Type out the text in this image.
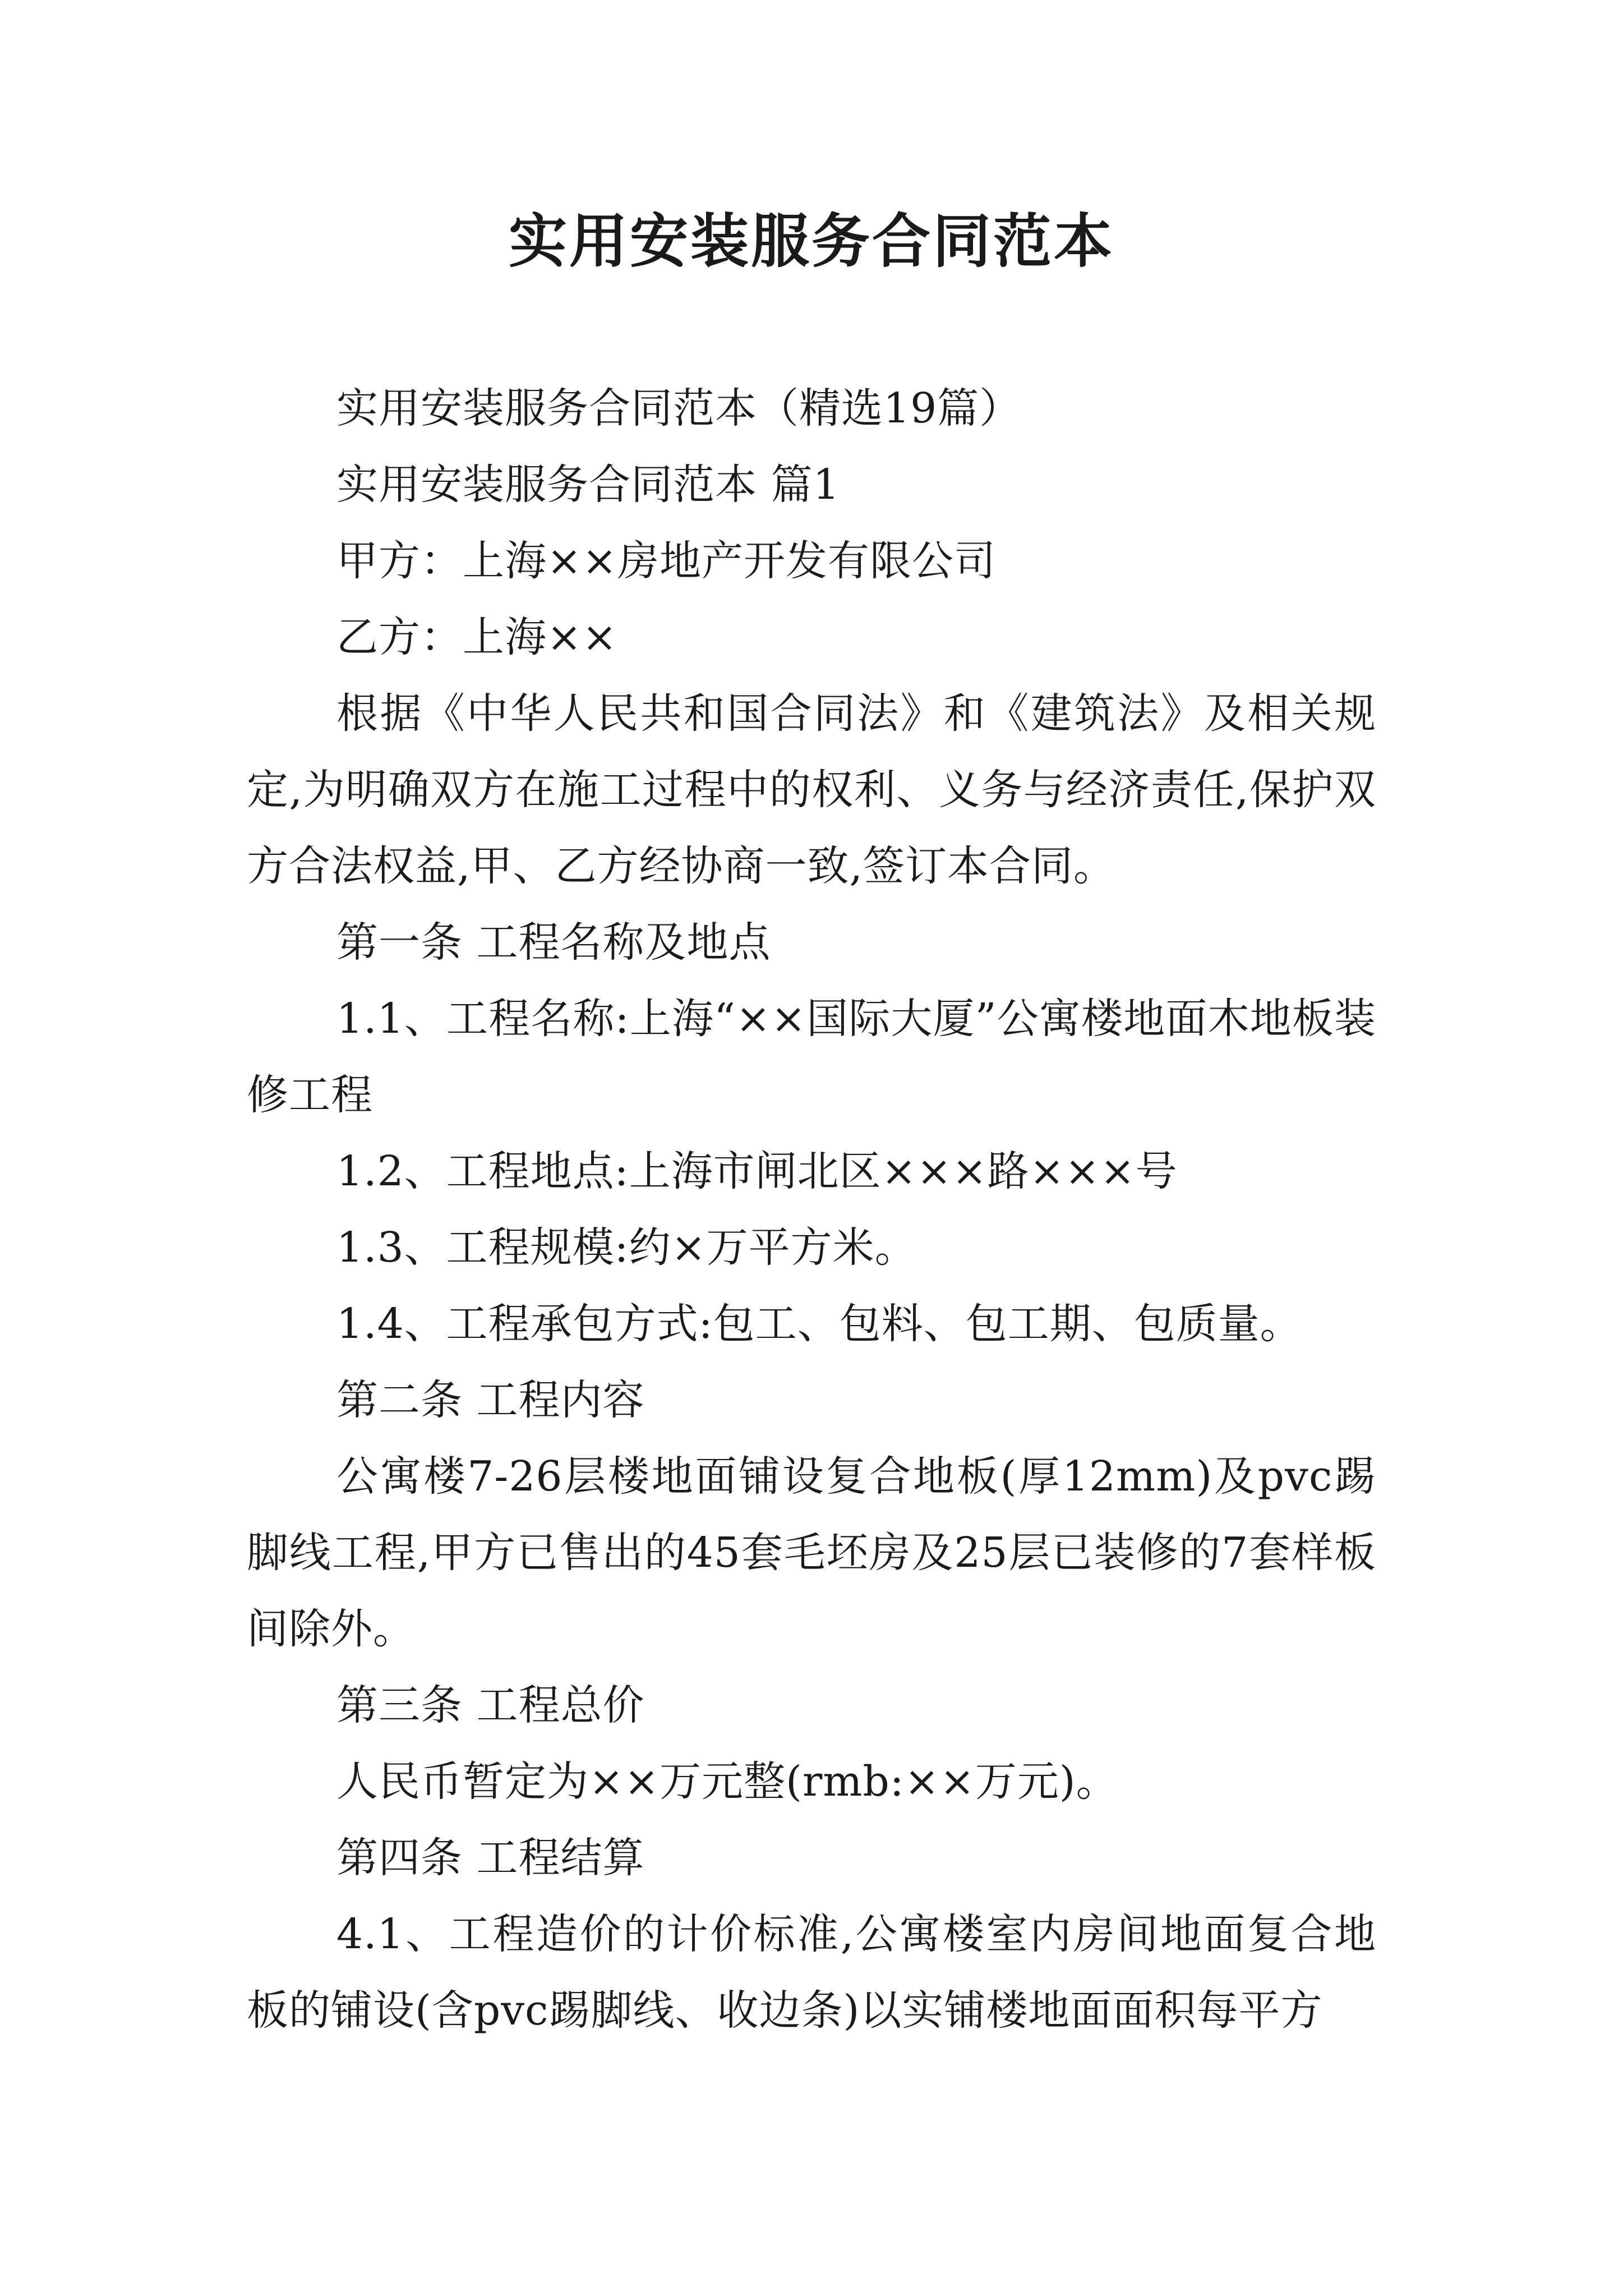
实用安装服务合同范本

实用安装服务合同范本（精选19篇）

实用安装服务合同范本 篇1

甲方：上海××房地产开发有限公司

乙方：上海××

根据《中华人民共和国合同法》和《建筑法》及相关规定,为明确双方在施工过程中的权利、义务与经济责任,保护双方合法权益,甲、乙方经协商一致,签订本合同。

第一条 工程名称及地点

1.1、工程名称:上海“××国际大厦”公寓楼地面木地板装修工程

1.2、工程地点:上海市闸北区×××路×××号

1.3、工程规模:约×万平方米。

1.4、工程承包方式:包工、包料、包工期、包质量。

第二条 工程内容

公寓楼7-26层楼地面铺设复合地板(厚12mm)及pvc踢脚线工程,甲方已售出的45套毛坯房及25层已装修的7套样板间除外。

第三条 工程总价

人民币暂定为××万元整(rmb:××万元)。

第四条 工程结算

4.1、工程造价的计价标准,公寓楼室内房间地面复合地板的铺设(含pvc踢脚线、收边条)以实铺楼地面面积每平方
